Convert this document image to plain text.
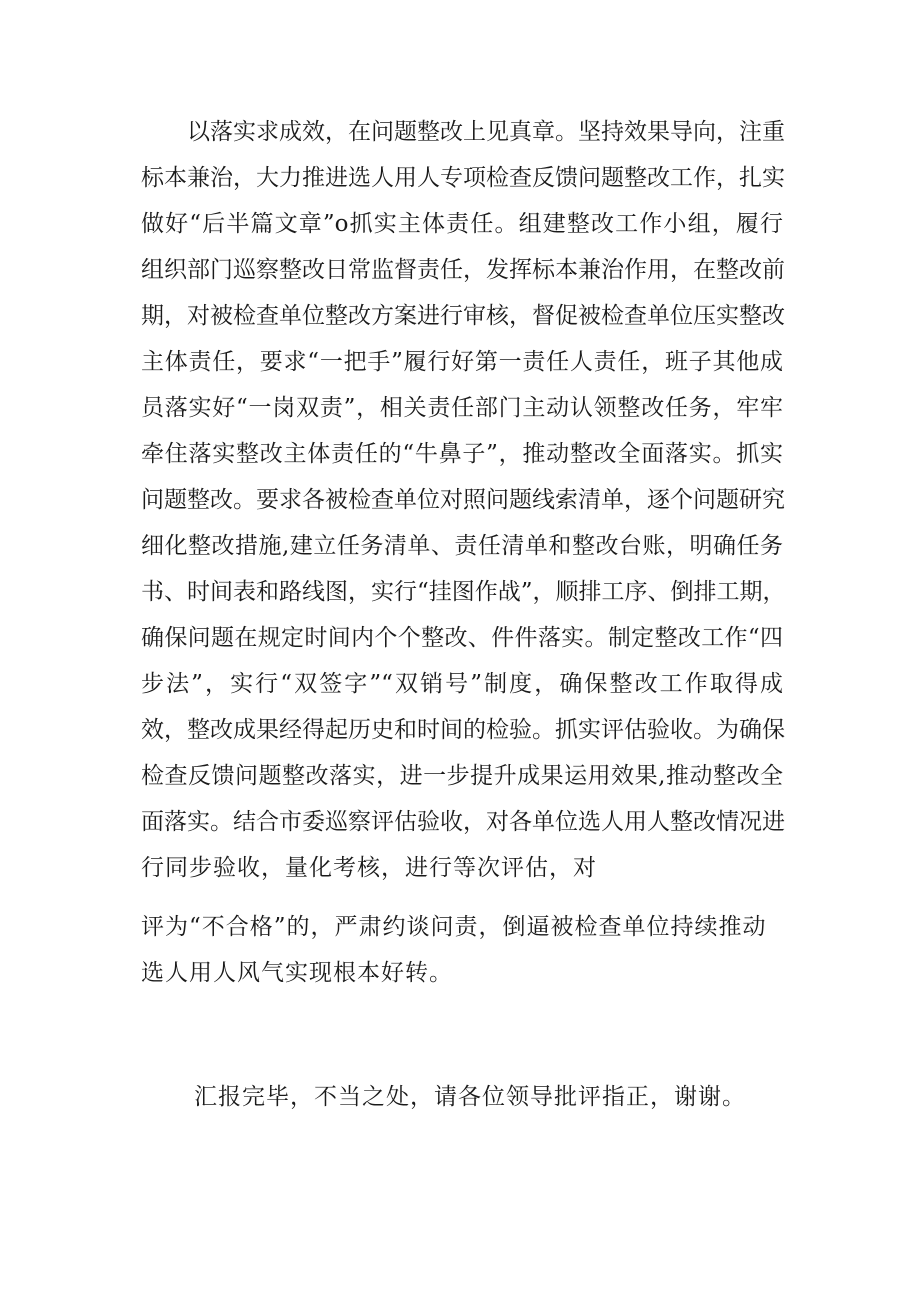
以落实求成效，在问题整改上见真章。坚持效果导向，注重
标本兼治，大力推进选人用人专项检查反馈问题整改工作，扎实
做好“后半篇文章”o抓实主体责任。组建整改工作小组，履行
组织部门巡察整改日常监督责任，发挥标本兼治作用，在整改前
期，对被检查单位整改方案进行审核，督促被检查单位压实整改
主体责任，要求“一把手”履行好第一责任人责任，班子其他成
员落实好“一岗双责”，相关责任部门主动认领整改任务，牢牢
牵住落实整改主体责任的“牛鼻子”，推动整改全面落实。抓实
问题整改。要求各被检查单位对照问题线索清单，逐个问题研究
细化整改措施,建立任务清单、责任清单和整改台账，明确任务
书、时间表和路线图，实行“挂图作战”，顺排工序、倒排工期，
确保问题在规定时间内个个整改、件件落实。制定整改工作“四
步法”，实行“双签字”“双销号”制度，确保整改工作取得成
效，整改成果经得起历史和时间的检验。抓实评估验收。为确保
检查反馈问题整改落实，进一步提升成果运用效果,推动整改全
面落实。结合市委巡察评估验收，对各单位选人用人整改情况进
行同步验收，量化考核，进行等次评估，对
评为“不合格”的，严肃约谈问责，倒逼被检查单位持续推动
选人用人风气实现根本好转。
汇报完毕，不当之处，请各位领导批评指正，谢谢。
